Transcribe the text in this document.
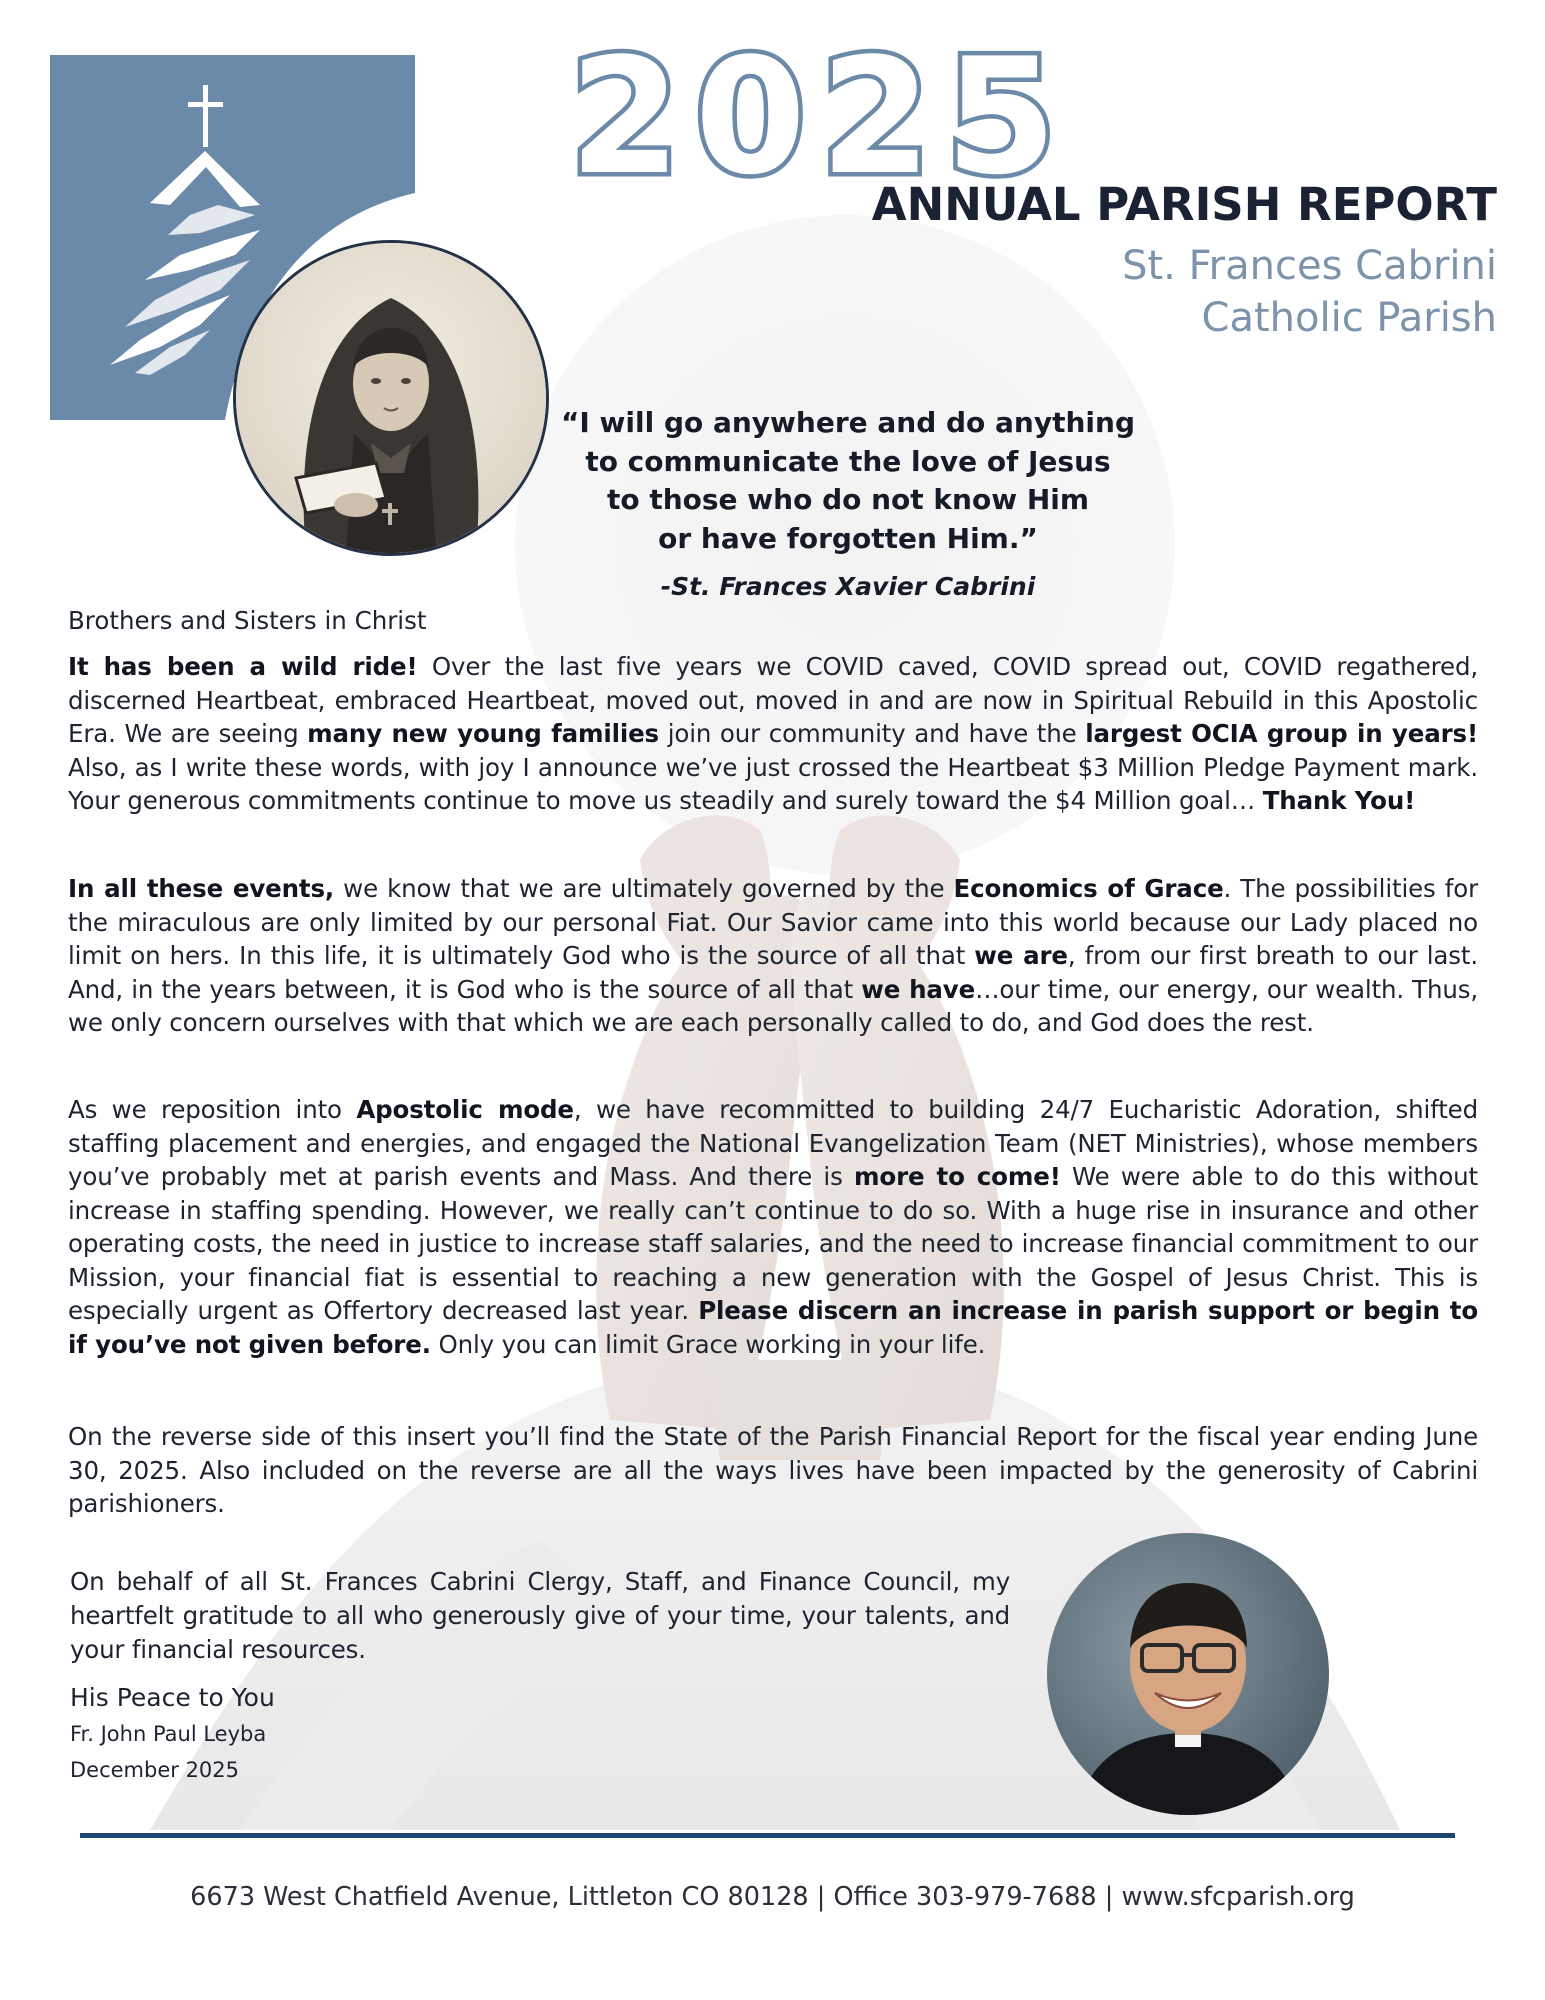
2025
ANNUAL PARISH REPORT
St. Frances Cabrini
Catholic Parish
“I will go anywhere and do anything
to communicate the love of Jesus
to those who do not know Him
or have forgotten Him.”
-St. Frances Xavier Cabrini
Brothers and Sisters in Christ
It has been a wild ride! Over the last five years we COVID caved, COVID spread out, COVID regathered, discerned Heartbeat, embraced Heartbeat, moved out, moved in and are now in Spiritual Rebuild in this Apostolic Era. We are seeing many new young families join our community and have the largest OCIA group in years! Also, as I write these words, with joy I announce we’ve just crossed the Heartbeat $3 Million Pledge Payment mark. Your generous commitments continue to move us steadily and surely toward the $4 Million goal… Thank You!
In all these events, we know that we are ultimately governed by the Economics of Grace. The possibilities for the miraculous are only limited by our personal Fiat. Our Savior came into this world because our Lady placed no limit on hers. In this life, it is ultimately God who is the source of all that we are, from our first breath to our last. And, in the years between, it is God who is the source of all that we have…our time, our energy, our wealth. Thus, we only concern ourselves with that which we are each personally called to do, and God does the rest.
As we reposition into Apostolic mode, we have recommitted to building 24/7 Eucharistic Adoration, shifted staffing placement and energies, and engaged the National Evangelization Team (NET Ministries), whose members you’ve probably met at parish events and Mass. And there is more to come! We were able to do this without increase in staffing spending. However, we really can’t continue to do so. With a huge rise in insurance and other operating costs, the need in justice to increase staff salaries, and the need to increase financial commitment to our Mission, your financial fiat is essential to reaching a new generation with the Gospel of Jesus Christ. This is especially urgent as Offertory decreased last year. Please discern an increase in parish support or begin to if you’ve not given before. Only you can limit Grace working in your life.
On the reverse side of this insert you’ll find the State of the Parish Financial Report for the fiscal year ending June 30, 2025. Also included on the reverse are all the ways lives have been impacted by the generosity of Cabrini parishioners.
On behalf of all St. Frances Cabrini Clergy, Staff, and Finance Council, my heartfelt gratitude to all who generously give of your time, your talents, and your financial resources.
His Peace to You
Fr. John Paul Leyba
December 2025
6673 West Chatfield Avenue, Littleton CO 80128 | Office 303-979-7688 | www.sfcparish.org
